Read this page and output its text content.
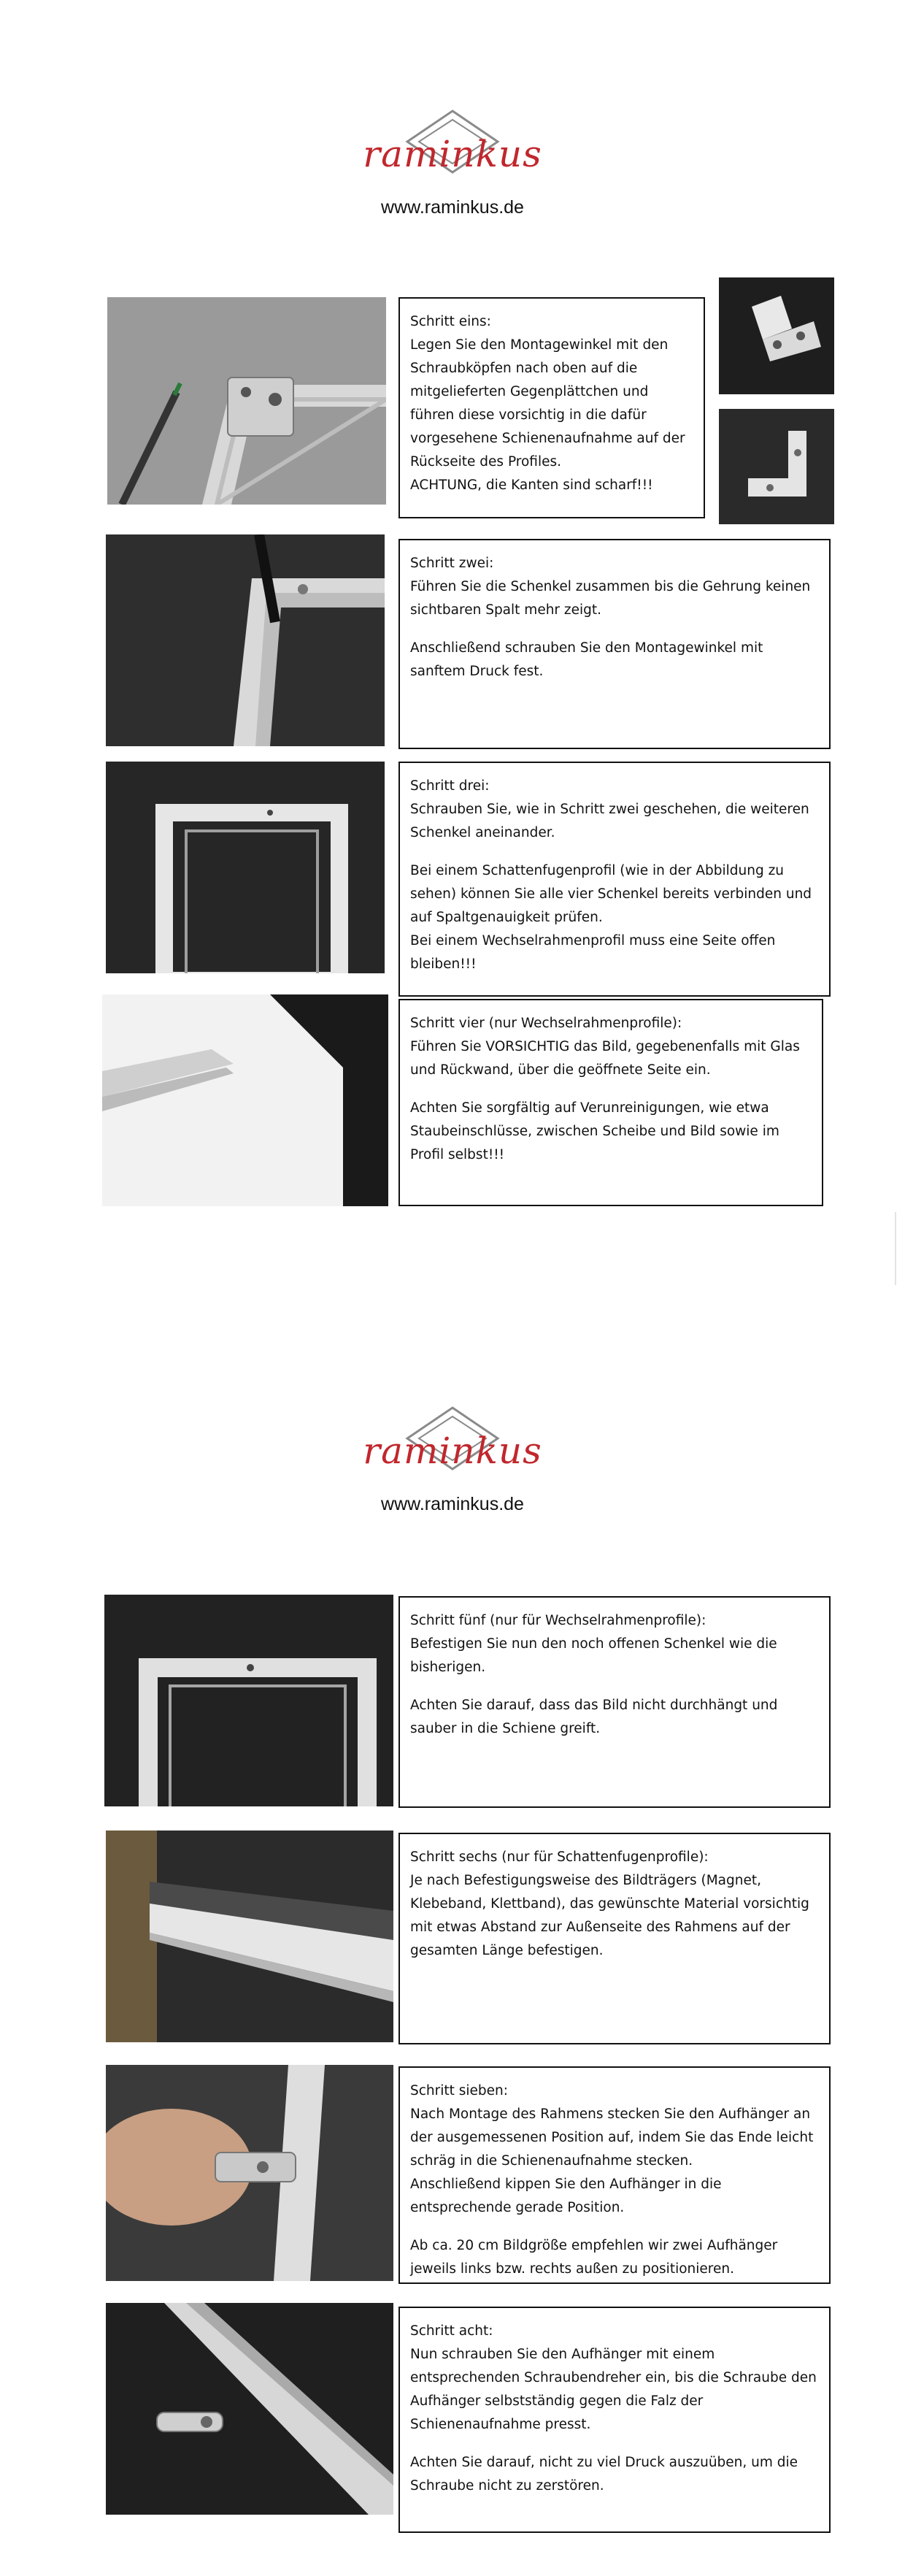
raminkus
www.raminkus.de
Schritt eins:
Legen Sie den Montagewinkel mit den Schraubköpfen nach oben auf die mitgelieferten Gegenplättchen und führen diese vorsichtig in die dafür vorgesehene Schienenaufnahme auf der Rückseite des Profiles.
ACHTUNG, die Kanten sind scharf!!!
Schritt zwei:

Führen Sie die Schenkel zusammen bis die Gehrung keinen sichtbaren Spalt mehr zeigt.

Anschließend schrauben Sie den Montagewinkel mit sanftem Druck fest.

Schritt drei:

Schrauben Sie, wie in Schritt zwei geschehen, die weiteren Schenkel aneinander.

Bei einem Schattenfugenprofil (wie in der Abbildung zu sehen) können Sie alle vier Schenkel bereits verbinden und auf Spaltgenauigkeit prüfen.
Bei einem Wechselrahmenprofil muss eine Seite offen bleiben!!!
Schritt vier (nur Wechselrahmenprofile):

Führen Sie VORSICHTIG das Bild, gegebenenfalls mit Glas und Rückwand, über die geöffnete Seite ein.

Achten Sie sorgfältig auf Verunreinigungen, wie etwa Staubeinschlüsse, zwischen Scheibe und Bild sowie im Profil selbst!!!

raminkus
www.raminkus.de
Schritt fünf (nur für Wechselrahmenprofile):

Befestigen Sie nun den noch offenen Schenkel wie die bisherigen.

Achten Sie darauf, dass das Bild nicht durchhängt und sauber in die Schiene greift.

Schritt sechs (nur für Schattenfugenprofile):

Je nach Befestigungsweise des Bildträgers (Magnet, Klebeband, Klettband), das gewünschte Material vorsichtig mit etwas Abstand zur Außenseite des Rahmens auf der gesamten Länge befestigen.

Schritt sieben:
Nach Montage des Rahmens stecken Sie den Aufhänger an der ausgemessenen Position auf, indem Sie das Ende leicht schräg in die Schienenaufnahme stecken.

Anschließend kippen Sie den Aufhänger in die entsprechende gerade Position.

Ab ca. 20 cm Bildgröße empfehlen wir zwei Aufhänger jeweils links bzw. rechts außen zu positionieren.

Schritt acht:

Nun schrauben Sie den Aufhänger mit einem entsprechenden Schraubendreher ein, bis die Schraube den Aufhänger selbstständig gegen die Falz der Schienenaufnahme presst.

Achten Sie darauf, nicht zu viel Druck auszuüben, um die Schraube nicht zu zerstören.
